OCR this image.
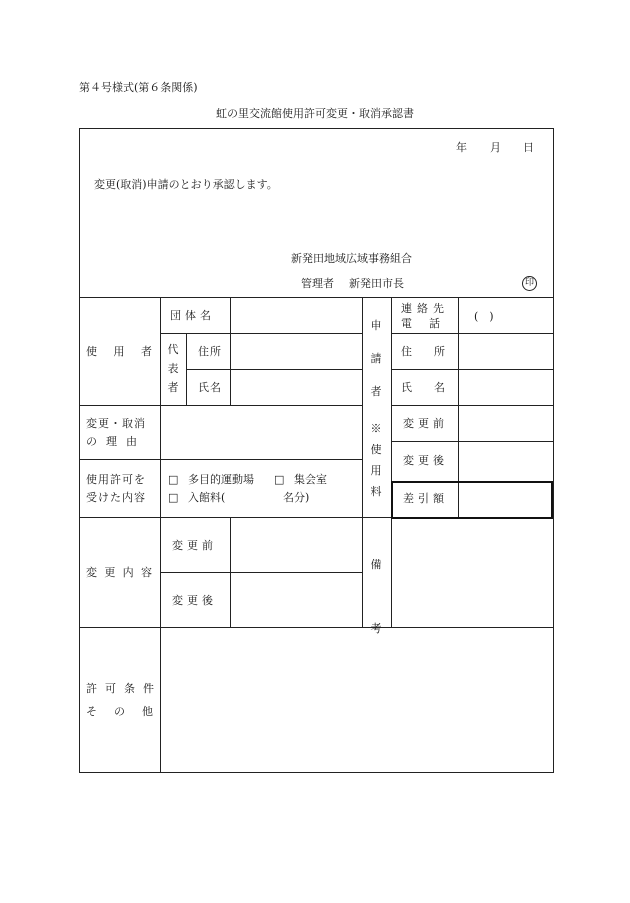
第４号様式(第６条関係)
虹の里交流館使用許可変更・取消承認書
年 月 日
変更(取消)申請のとおり承認します。
新発田地域広域事務組合
管理者 新発田市長	印
使 用 者
団体名
代表者
住所
氏名
申請者
連絡先
電話
(　)
住所
氏名
変更・取消
の理由
※使用料
変更前
変更後
差引額
使用許可を
受けた内容
□ 多目的運動場 □ 集会室
□ 入館料(	名分)
変 更 内 容
変更前
変更後
備考
許可条件
その他
